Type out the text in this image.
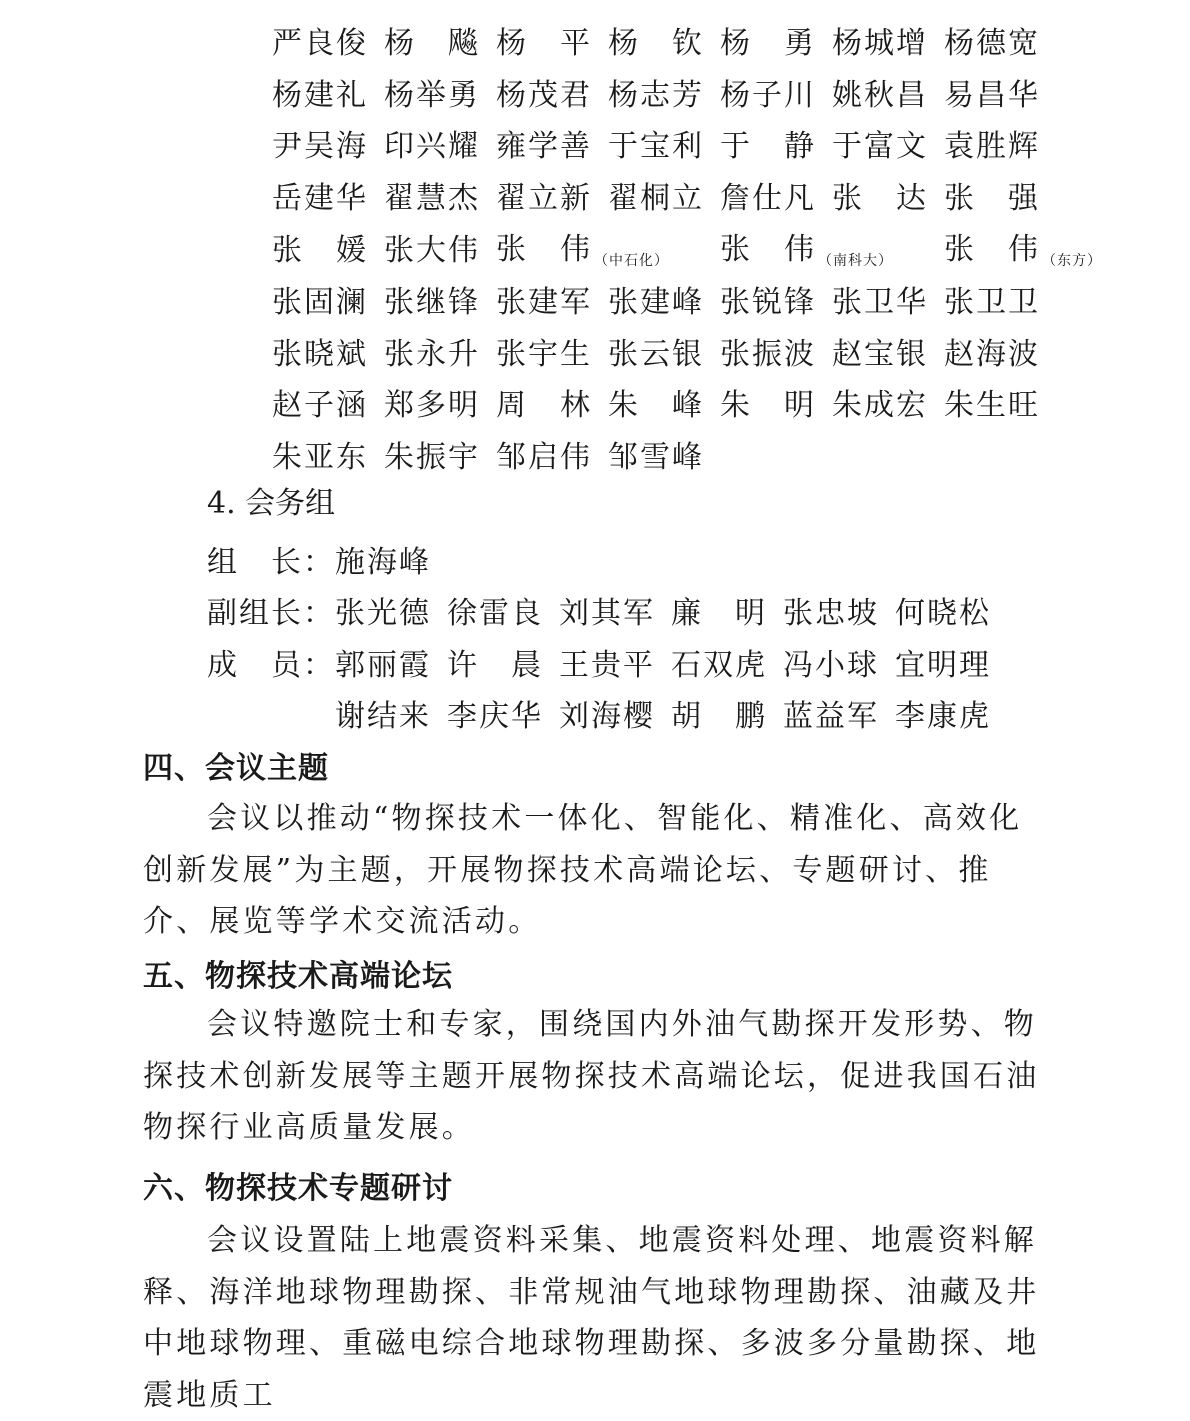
严良俊 杨　飚 杨　平 杨　钦 杨　勇 杨城增 杨德宽
杨建礼 杨举勇 杨茂君 杨志芳 杨子川 姚秋昌 易昌华
尹吴海 印兴耀 雍学善 于宝利 于　静 于富文 袁胜辉
岳建华 翟慧杰 翟立新 翟桐立 詹仕凡 张　达 张　强
张　媛 张大伟 张　伟 $_{(中石化)}$	张　伟 $_{(南科大)}$	张　伟 $_{(东方)}$
张固澜 张继锋 张建军 张建峰 张锐锋 张卫华 张卫卫
张晓斌 张永升 张宇生 张云银 张振波 赵宝银 赵海波
赵子涵 郑多明 周　林 朱　峰 朱　明 朱成宏 朱生旺
朱亚东 朱振宇 邹启伟 邹雪峰
4. 会务组
组　长： 施海峰
副组长： 张光德 徐雷良 刘其军 廉　明 张忠坡 何晓松
成　员： 郭丽霞 许　晨 王贵平 石双虎 冯小球 宜明理
谢结来 李庆华 刘海樱 胡　鹏 蓝益军 李康虎
四、会议主题

会议以推动“物探技术一体化、智能化、精准化、高效化创新发展”为主题，开展物探技术高端论坛、专题研讨、推介、展览等学术交流活动。

五、物探技术高端论坛

会议特邀院士和专家，围绕国内外油气勘探开发形势、物探技术创新发展等主题开展物探技术高端论坛，促进我国石油物探行业高质量发展。

六、物探技术专题研讨

会议设置陆上地震资料采集、地震资料处理、地震资料解释、海洋地球物理勘探、非常规油气地球物理勘探、油藏及井中地球物理、重磁电综合地球物理勘探、多波多分量勘探、地震地质工
